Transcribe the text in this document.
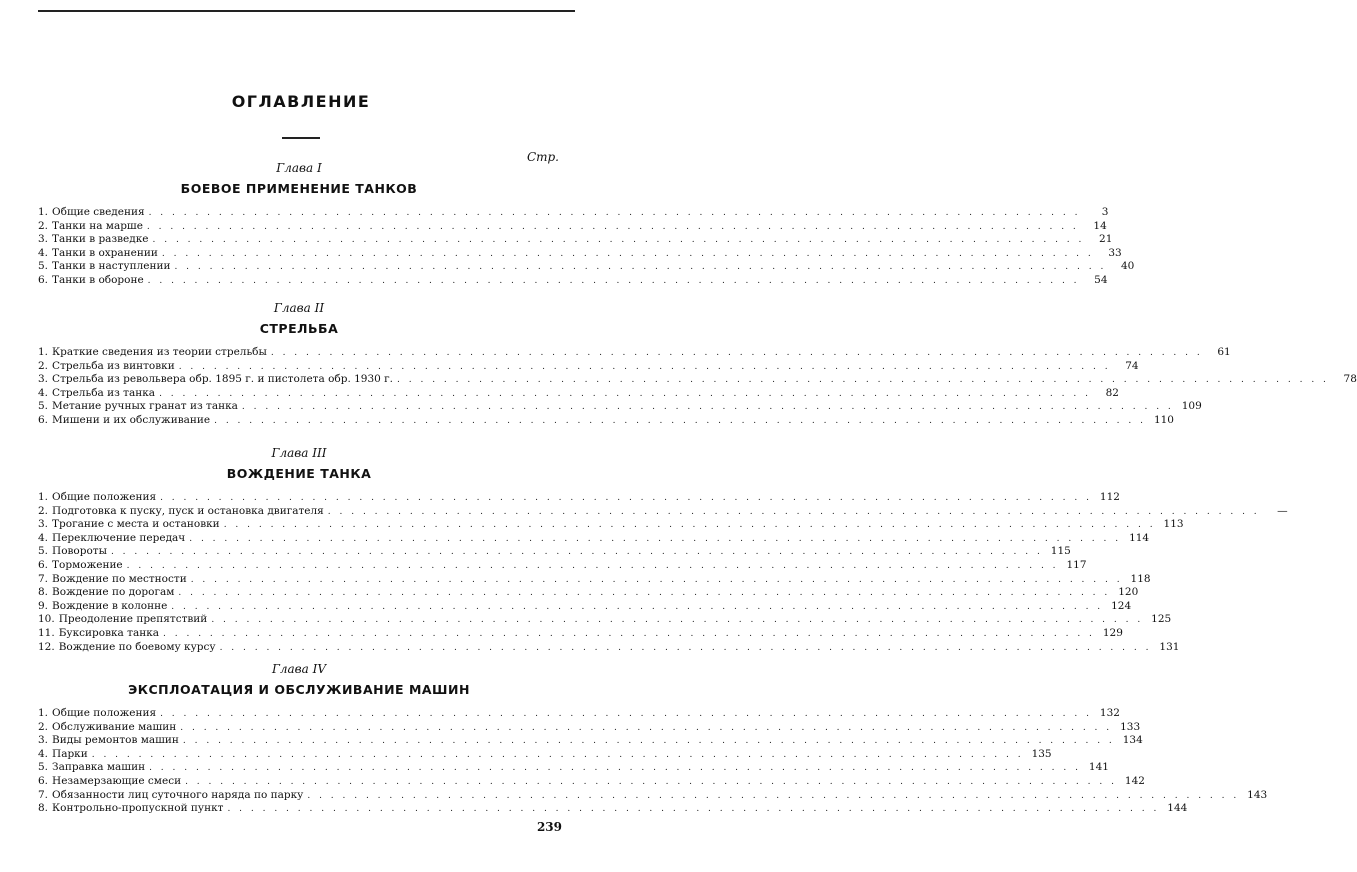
ОГЛАВЛЕНИЕ
Стр.
Глава I
БОЕВОЕ ПРИМЕНЕНИЕ ТАНКОВ
1. Общие сведения . . . . . . . . . . . . . . . . . . . . . . . . . . . . . . . . . . . . . . . . . . . . . . . . . . . . . . . . . . . . . . . . . . . . . . . . . . . . . . . .	3
2. Танки на марше . . . . . . . . . . . . . . . . . . . . . . . . . . . . . . . . . . . . . . . . . . . . . . . . . . . . . . . . . . . . . . . . . . . . . . . . . . . . . . . .	14
3. Танки в разведке . . . . . . . . . . . . . . . . . . . . . . . . . . . . . . . . . . . . . . . . . . . . . . . . . . . . . . . . . . . . . . . . . . . . . . . . . . . . . . . .	21
4. Танки в охранении . . . . . . . . . . . . . . . . . . . . . . . . . . . . . . . . . . . . . . . . . . . . . . . . . . . . . . . . . . . . . . . . . . . . . . . . . . . . . . . .	33
5. Танки в наступлении . . . . . . . . . . . . . . . . . . . . . . . . . . . . . . . . . . . . . . . . . . . . . . . . . . . . . . . . . . . . . . . . . . . . . . . . . . . . . . . .	40
6. Танки в обороне . . . . . . . . . . . . . . . . . . . . . . . . . . . . . . . . . . . . . . . . . . . . . . . . . . . . . . . . . . . . . . . . . . . . . . . . . . . . . . . .	54
Глава II
СТРЕЛЬБА
1. Краткие сведения из теории стрельбы . . . . . . . . . . . . . . . . . . . . . . . . . . . . . . . . . . . . . . . . . . . . . . . . . . . . . . . . . . . . . . . . . . . . . . . . . . . . . . . .	61
2. Стрельба из винтовки . . . . . . . . . . . . . . . . . . . . . . . . . . . . . . . . . . . . . . . . . . . . . . . . . . . . . . . . . . . . . . . . . . . . . . . . . . . . . . . .	74
3. Стрельба из револьвера обр. 1895 г. и пистолета обр. 1930 г. . . . . . . . . . . . . . . . . . . . . . . . . . . . . . . . . . . . . . . . . . . . . . . . . . . . . . . . . . . . . . . . . . . . . . . . . . . . . . . . .	78
4. Стрельба из танка . . . . . . . . . . . . . . . . . . . . . . . . . . . . . . . . . . . . . . . . . . . . . . . . . . . . . . . . . . . . . . . . . . . . . . . . . . . . . . . .	82
5. Метание ручных гранат из танка . . . . . . . . . . . . . . . . . . . . . . . . . . . . . . . . . . . . . . . . . . . . . . . . . . . . . . . . . . . . . . . . . . . . . . . . . . . . . . . . 109
6. Мишени и их обслуживание . . . . . . . . . . . . . . . . . . . . . . . . . . . . . . . . . . . . . . . . . . . . . . . . . . . . . . . . . . . . . . . . . . . . . . . . . . . . . . . . 110
Глава III
ВОЖДЕНИЕ ТАНКА
1. Общие положения . . . . . . . . . . . . . . . . . . . . . . . . . . . . . . . . . . . . . . . . . . . . . . . . . . . . . . . . . . . . . . . . . . . . . . . . . . . . . . . . 112
2. Подготовка к пуску, пуск и остановка двигателя . . . . . . . . . . . . . . . . . . . . . . . . . . . . . . . . . . . . . . . . . . . . . . . . . . . . . . . . . . . . . . . . . . . . . . . . . . . . . . . .	—
3. Трогание с места и остановки . . . . . . . . . . . . . . . . . . . . . . . . . . . . . . . . . . . . . . . . . . . . . . . . . . . . . . . . . . . . . . . . . . . . . . . . . . . . . . . . 113
4. Переключение передач . . . . . . . . . . . . . . . . . . . . . . . . . . . . . . . . . . . . . . . . . . . . . . . . . . . . . . . . . . . . . . . . . . . . . . . . . . . . . . . . 114
5. Повороты . . . . . . . . . . . . . . . . . . . . . . . . . . . . . . . . . . . . . . . . . . . . . . . . . . . . . . . . . . . . . . . . . . . . . . . . . . . . . . . . 115
6. Торможение . . . . . . . . . . . . . . . . . . . . . . . . . . . . . . . . . . . . . . . . . . . . . . . . . . . . . . . . . . . . . . . . . . . . . . . . . . . . . . . . 117
7. Вождение по местности . . . . . . . . . . . . . . . . . . . . . . . . . . . . . . . . . . . . . . . . . . . . . . . . . . . . . . . . . . . . . . . . . . . . . . . . . . . . . . . . 118
8. Вождение по дорогам . . . . . . . . . . . . . . . . . . . . . . . . . . . . . . . . . . . . . . . . . . . . . . . . . . . . . . . . . . . . . . . . . . . . . . . . . . . . . . . . 120
9. Вождение в колонне . . . . . . . . . . . . . . . . . . . . . . . . . . . . . . . . . . . . . . . . . . . . . . . . . . . . . . . . . . . . . . . . . . . . . . . . . . . . . . . . 124
10. Преодоление препятствий . . . . . . . . . . . . . . . . . . . . . . . . . . . . . . . . . . . . . . . . . . . . . . . . . . . . . . . . . . . . . . . . . . . . . . . . . . . . . . . . 125
11. Буксировка танка . . . . . . . . . . . . . . . . . . . . . . . . . . . . . . . . . . . . . . . . . . . . . . . . . . . . . . . . . . . . . . . . . . . . . . . . . . . . . . . . 129
12. Вождение по боевому курсу . . . . . . . . . . . . . . . . . . . . . . . . . . . . . . . . . . . . . . . . . . . . . . . . . . . . . . . . . . . . . . . . . . . . . . . . . . . . . . . . 131
Глава IV
ЭКСПЛОАТАЦИЯ И ОБСЛУЖИВАНИЕ МАШИН
1. Общие положения . . . . . . . . . . . . . . . . . . . . . . . . . . . . . . . . . . . . . . . . . . . . . . . . . . . . . . . . . . . . . . . . . . . . . . . . . . . . . . . . 132
2. Обслуживание машин . . . . . . . . . . . . . . . . . . . . . . . . . . . . . . . . . . . . . . . . . . . . . . . . . . . . . . . . . . . . . . . . . . . . . . . . . . . . . . . . 133
3. Виды ремонтов машин . . . . . . . . . . . . . . . . . . . . . . . . . . . . . . . . . . . . . . . . . . . . . . . . . . . . . . . . . . . . . . . . . . . . . . . . . . . . . . . . 134
4. Парки . . . . . . . . . . . . . . . . . . . . . . . . . . . . . . . . . . . . . . . . . . . . . . . . . . . . . . . . . . . . . . . . . . . . . . . . . . . . . . . . 135
5. Заправка машин . . . . . . . . . . . . . . . . . . . . . . . . . . . . . . . . . . . . . . . . . . . . . . . . . . . . . . . . . . . . . . . . . . . . . . . . . . . . . . . . 141
6. Незамерзающие смеси . . . . . . . . . . . . . . . . . . . . . . . . . . . . . . . . . . . . . . . . . . . . . . . . . . . . . . . . . . . . . . . . . . . . . . . . . . . . . . . . 142
7. Обязанности лиц суточного наряда по парку . . . . . . . . . . . . . . . . . . . . . . . . . . . . . . . . . . . . . . . . . . . . . . . . . . . . . . . . . . . . . . . . . . . . . . . . . . . . . . . . 143
8. Контрольно-пропускной пункт . . . . . . . . . . . . . . . . . . . . . . . . . . . . . . . . . . . . . . . . . . . . . . . . . . . . . . . . . . . . . . . . . . . . . . . . . . . . . . . . 144
239
